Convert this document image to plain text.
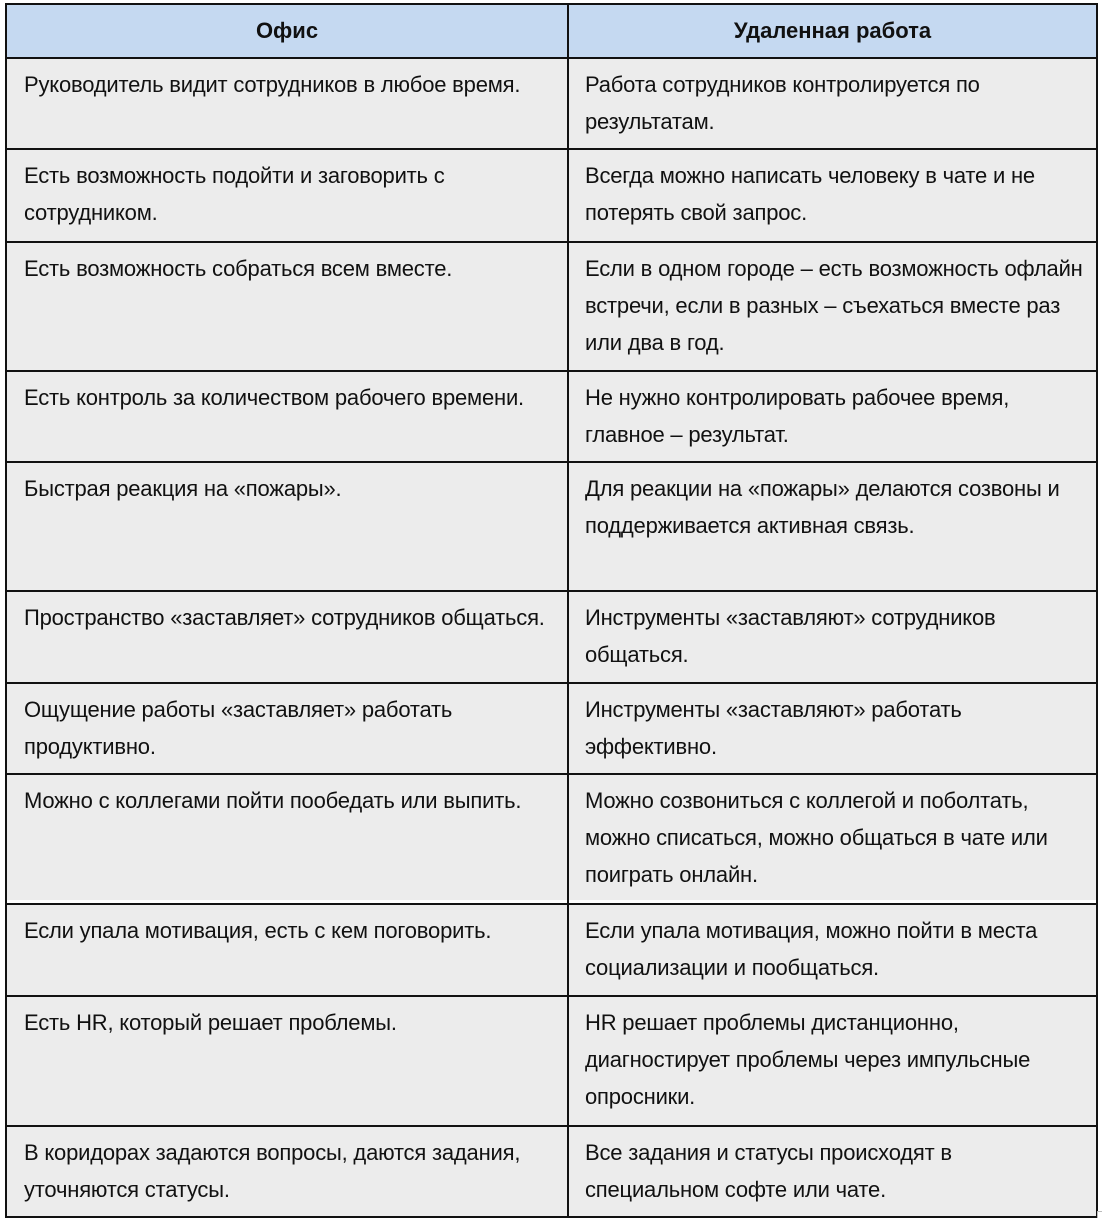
Офис	Удаленная работа
Руководитель видит сотрудников в любое время.	Работа сотрудников контролируется по результатам.
Есть возможность подойти и заговорить с сотрудником.	Всегда можно написать человеку в чате и не потерять свой запрос.
Есть возможность собраться всем вместе.	Если в одном городе – есть возможность офлайн встречи, если в разных – съехаться вместе раз или два в год.
Есть контроль за количеством рабочего времени.	Не нужно контролировать рабочее время, главное – результат.
Быстрая реакция на «пожары».	Для реакции на «пожары» делаются созвоны и поддерживается активная связь.
Пространство «заставляет» сотрудников общаться.	Инструменты «заставляют» сотрудников общаться.
Ощущение работы «заставляет» работать продуктивно.	Инструменты «заставляют» работать эффективно.
Можно с коллегами пойти пообедать или выпить.	Можно созвониться с коллегой и поболтать, можно списаться, можно общаться в чате или поиграть онлайн.
Если упала мотивация, есть с кем поговорить.	Если упала мотивация, можно пойти в места социализации и пообщаться.
Есть HR, который решает проблемы.	HR решает проблемы дистанционно, диагностирует проблемы через импульсные опросники.
В коридорах задаются вопросы, даются задания, уточняются статусы.	Все задания и статусы происходят в специальном софте или чате.
